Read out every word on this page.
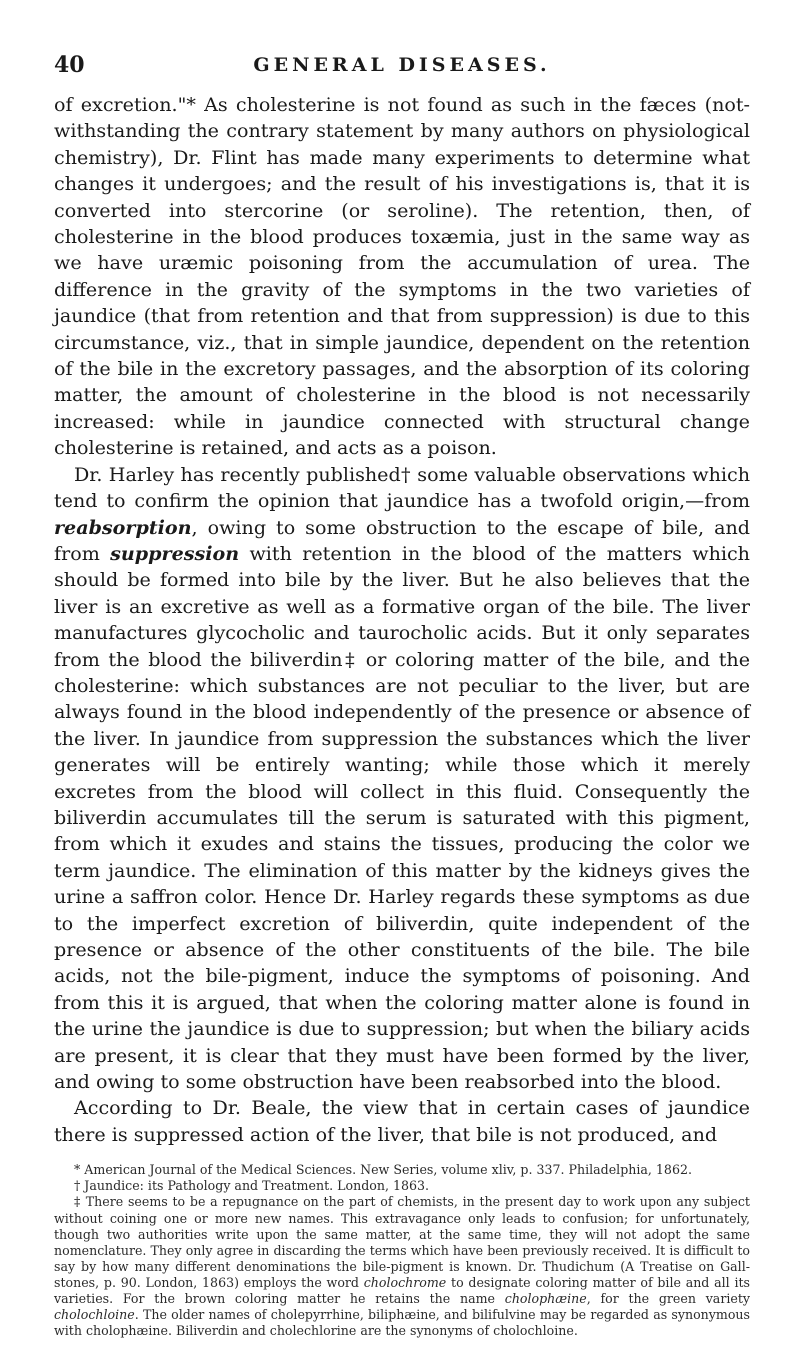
40	GENERAL DISEASES.

of excretion."* As cholesterine is not found as such in the fæces (not-withstanding the contrary statement by many authors on physiological chemistry), Dr. Flint has made many experiments to determine what changes it undergoes; and the result of his investigations is, that it is converted into stercorine (or seroline). The retention, then, of cholesterine in the blood produces toxæmia, just in the same way as we have uræmic poisoning from the accumulation of urea. The difference in the gravity of the symptoms in the two varieties of jaundice (that from retention and that from suppression) is due to this circumstance, viz., that in simple jaundice, dependent on the retention of the bile in the excretory passages, and the absorption of its coloring matter, the amount of cholesterine in the blood is not necessarily increased: while in jaundice connected with structural change cholesterine is retained, and acts as a poison.

Dr. Harley has recently published† some valuable observations which tend to confirm the opinion that jaundice has a twofold origin,—from reabsorption, owing to some obstruction to the escape of bile, and from suppression with retention in the blood of the matters which should be formed into bile by the liver. But he also believes that the liver is an excretive as well as a formative organ of the bile. The liver manufactures glycocholic and taurocholic acids. But it only separates from the blood the biliverdin‡ or coloring matter of the bile, and the cholesterine: which substances are not peculiar to the liver, but are always found in the blood independently of the presence or absence of the liver. In jaundice from suppression the substances which the liver generates will be entirely wanting; while those which it merely excretes from the blood will collect in this fluid. Consequently the biliverdin accumulates till the serum is saturated with this pigment, from which it exudes and stains the tissues, producing the color we term jaundice. The elimination of this matter by the kidneys gives the urine a saffron color. Hence Dr. Harley regards these symptoms as due to the imperfect excretion of biliverdin, quite independent of the presence or absence of the other constituents of the bile. The bile acids, not the bile-pigment, induce the symptoms of poisoning. And from this it is argued, that when the coloring matter alone is found in the urine the jaundice is due to suppression; but when the biliary acids are present, it is clear that they must have been formed by the liver, and owing to some obstruction have been reabsorbed into the blood.

According to Dr. Beale, the view that in certain cases of jaundice there is suppressed action of the liver, that bile is not produced, and

* American Journal of the Medical Sciences. New Series, volume xliv, p. 337. Philadelphia, 1862.

† Jaundice: its Pathology and Treatment. London, 1863.

‡ There seems to be a repugnance on the part of chemists, in the present day to work upon any subject without coining one or more new names. This extravagance only leads to confusion; for unfortunately, though two authorities write upon the same matter, at the same time, they will not adopt the same nomenclature. They only agree in discarding the terms which have been previously received. It is difficult to say by how many different denominations the bile-pigment is known. Dr. Thudichum (A Treatise on Gall-stones, p. 90. London, 1863) employs the word cholochrome to designate coloring matter of bile and all its varieties. For the brown coloring matter he retains the name cholophæine, for the green variety cholochloine. The older names of cholepyrrhine, biliphæine, and bilifulvine may be regarded as synonymous with cholophæine. Biliverdin and cholechlorine are the synonyms of cholochloine.
